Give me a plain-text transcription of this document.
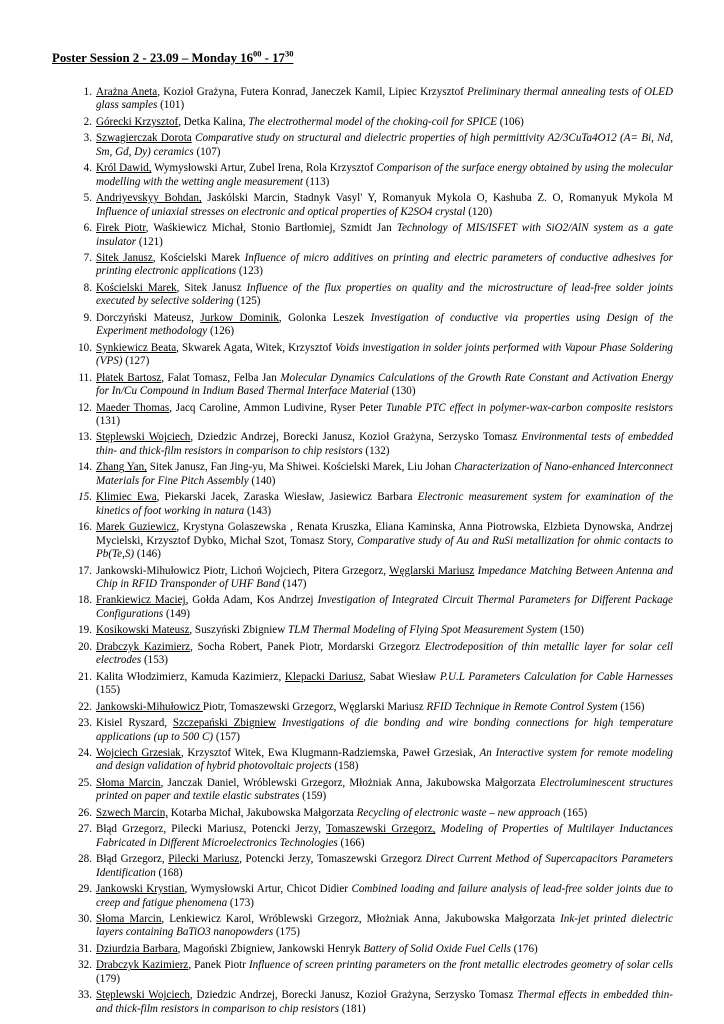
Poster Session 2 - 23.09 – Monday $16^{00} - 17^{30}$
1. Arażna Aneta, Kozioł Grażyna, Futera Konrad, Janeczek Kamil, Lipiec Krzysztof Preliminary thermal annealing tests of OLED glass samples (101)
2. Górecki Krzysztof, Detka Kalina, The electrothermal model of the choking-coil for SPICE (106)
3. Szwagierczak Dorota Comparative study on structural and dielectric properties of high permittivity A2/3CuTa4O12 (A= Bi, Nd, Sm, Gd, Dy) ceramics (107)
4. Król Dawid, Wymysłowski Artur, Zubel Irena, Rola Krzysztof Comparison of the surface energy obtained by using the molecular modelling with the wetting angle measurement (113)
5. Andriyevskyy Bohdan, Jaskólski Marcin, Stadnyk Vasyl' Y, Romanyuk Mykola O, Kashuba Z. O, Romanyuk Mykola M Influence of uniaxial stresses on electronic and optical properties of K2SO4 crystal (120)
6. Firek Piotr, Waśkiewicz Michał, Stonio Bartłomiej, Szmidt Jan Technology of MIS/ISFET with SiO2/AlN system as a gate insulator (121)
7. Sitek Janusz, Kościelski Marek Influence of micro additives on printing and electric parameters of conductive adhesives for printing electronic applications (123)
8. Kościelski Marek, Sitek Janusz Influence of the flux properties on quality and the microstructure of lead-free solder joints executed by selective soldering (125)
9. Dorczyński Mateusz, Jurkow Dominik, Golonka Leszek Investigation of conductive via properties using Design of the Experiment methodology (126)
10. Synkiewicz Beata, Skwarek Agata, Witek, Krzysztof Voids investigation in solder joints performed with Vapour Phase Soldering (VPS) (127)
11. Płatek Bartosz, Falat Tomasz, Felba Jan Molecular Dynamics Calculations of the Growth Rate Constant and Activation Energy for In/Cu Compound in Indium Based Thermal Interface Material (130)
12. Maeder Thomas, Jacq Caroline, Ammon Ludivine, Ryser Peter Tunable PTC effect in polymer-wax-carbon composite resistors (131)
13. Stęplewski Wojciech, Dziedzic Andrzej, Borecki Janusz, Kozioł Grażyna, Serzysko Tomasz Environmental tests of embedded thin- and thick-film resistors in comparison to chip resistors (132)
14. Zhang Yan, Sitek Janusz, Fan Jing-yu, Ma Shiwei. Kościelski Marek, Liu Johan Characterization of Nano-enhanced Interconnect Materials for Fine Pitch Assembly (140)
15. Klimiec Ewa, Piekarski Jacek, Zaraska Wiesław, Jasiewicz Barbara Electronic measurement system for examination of the kinetics of foot working in natura (143)
16. Marek Guziewicz, Krystyna Golaszewska , Renata Kruszka, Eliana Kaminska, Anna Piotrowska, Elzbieta Dynowska, Andrzej Mycielski, Krzysztof Dybko, Michał Szot, Tomasz Story, Comparative study of Au and RuSi metallization for ohmic contacts to Pb(Te,S) (146)
17. Jankowski-Mihułowicz Piotr, Lichoń Wojciech, Pitera Grzegorz, Węglarski Mariusz Impedance Matching Between Antenna and Chip in RFID Transponder of UHF Band (147)
18. Frankiewicz Maciej, Gołda Adam, Kos Andrzej Investigation of Integrated Circuit Thermal Parameters for Different Package Configurations (149)
19. Kosikowski Mateusz, Suszyński Zbigniew TLM Thermal Modeling of Flying Spot Measurement System (150)
20. Drabczyk Kazimierz, Socha Robert, Panek Piotr, Mordarski Grzegorz Electrodeposition of thin metallic layer for solar cell electrodes (153)
21. Kalita Włodzimierz, Kamuda Kazimierz, Klepacki Dariusz, Sabat Wiesław P.U.L Parameters Calculation for Cable Harnesses (155)
22. Jankowski-Mihułowicz Piotr, Tomaszewski Grzegorz, Węglarski Mariusz RFID Technique in Remote Control System (156)
23. Kisiel Ryszard, Szczepański Zbigniew Investigations of die bonding and wire bonding connections for high temperature applications (up to 500 C) (157)
24. Wojciech Grzesiak, Krzysztof Witek, Ewa Klugmann-Radziemska, Paweł Grzesiak, An Interactive system for remote modeling and design validation of hybrid photovoltaic projects (158)
25. Słoma Marcin, Janczak Daniel, Wróblewski Grzegorz, Młożniak Anna, Jakubowska Małgorzata Electroluminescent structures printed on paper and textile elastic substrates (159)
26. Szwech Marcin, Kotarba Michał, Jakubowska Małgorzata Recycling of electronic waste – new approach (165)
27. Błąd Grzegorz, Pilecki Mariusz, Potencki Jerzy, Tomaszewski Grzegorz, Modeling of Properties of Multilayer Inductances Fabricated in Different Microelectronics Technologies (166)
28. Błąd Grzegorz, Pilecki Mariusz, Potencki Jerzy, Tomaszewski Grzegorz Direct Current Method of Supercapacitors Parameters Identification (168)
29. Jankowski Krystian, Wymysłowski Artur, Chicot Didier Combined loading and failure analysis of lead-free solder joints due to creep and fatigue phenomena (173)
30. Słoma Marcin, Lenkiewicz Karol, Wróblewski Grzegorz, Młożniak Anna, Jakubowska Małgorzata Ink-jet printed dielectric layers containing BaTiO3 nanopowders (175)
31. Dziurdzia Barbara, Magoński Zbigniew, Jankowski Henryk Battery of Solid Oxide Fuel Cells (176)
32. Drabczyk Kazimierz, Panek Piotr Influence of screen printing parameters on the front metallic electrodes geometry of solar cells (179)
33. Stęplewski Wojciech, Dziedzic Andrzej, Borecki Janusz, Kozioł Grażyna, Serzysko Tomasz Thermal effects in embedded thin- and thick-film resistors in comparison to chip resistors (181)
